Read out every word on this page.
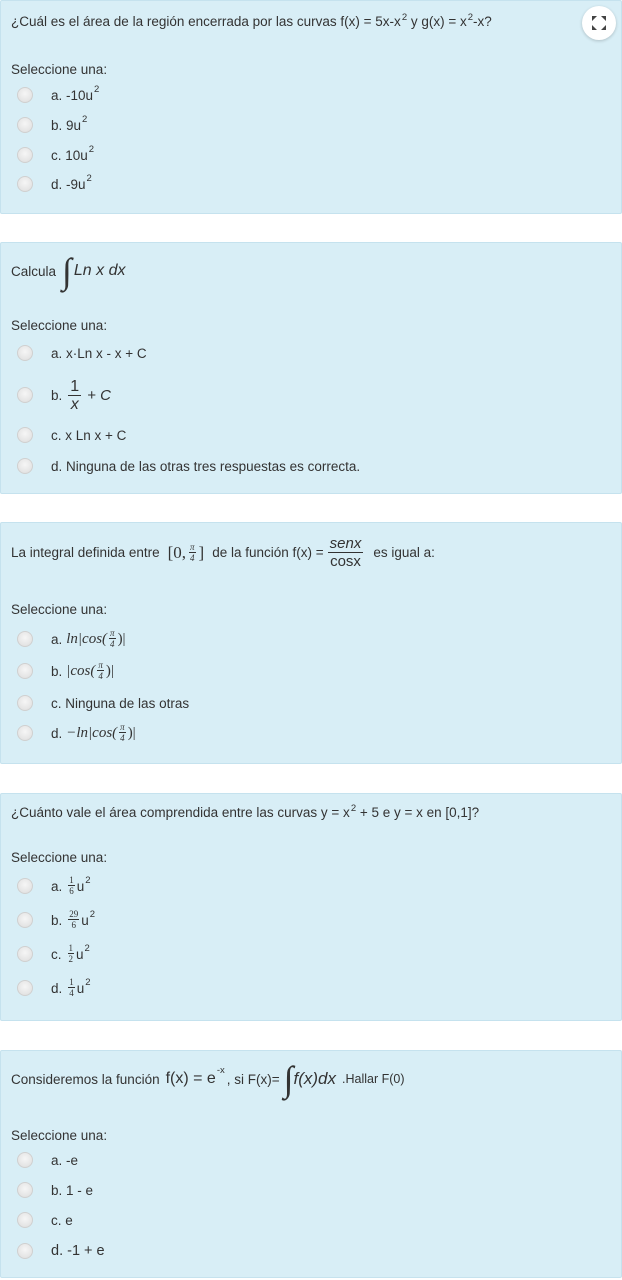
¿Cuál es el área de la región encerrada por las curvas $f(x) = 5x-x^2$ y $g(x) = x^2-x$?
Seleccione una:
a. $-10u^2$
b. $9u^2$
c. $10u^2$
d. $-9u^2$
Calcula ∫ Ln x dx
Seleccione una:
a. x·Ln x - x + C
b.
1
x
+ C
c. x Ln x + C
d. Ninguna de las otras tres respuestas es correcta.
La integral definida entre [0, $\frac{\pi}{4}$ ] de la función f(x) =
senx
cosx
es igual a:
Seleccione una:
a. $\ln|\cos( \frac{\pi}{4}$ )|
b. $|\cos( \frac{\pi}{4}$ )|
c. Ninguna de las otras
d. $-\ln|\cos( \frac{\pi}{4}$ )|
¿Cuánto vale el área comprendida entre las curvas $y = x^2 + 5$ e y = x en [0,1]?
Seleccione una:
a. $\frac{1}{6} u^2$
b. $\frac{29}{6} u^2$
c. $\frac{1}{2} u^2$
d. $\frac{1}{4} u^2$
Consideremos la función $f(x) = e^{-x}$
, si F(x)= ∫ f(x)dx .Hallar F(0)
Seleccione una:
a. -e
b. 1 - e
c. e
d. -1 + e
